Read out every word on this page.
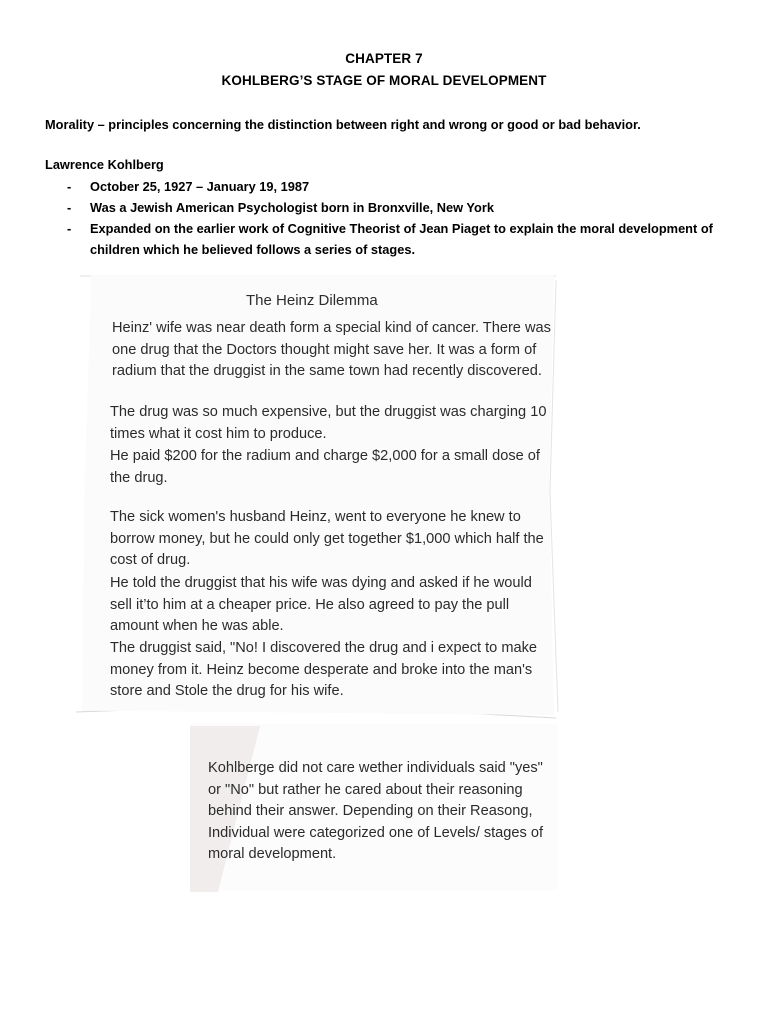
CHAPTER 7
KOHLBERG’S STAGE OF MORAL DEVELOPMENT
Morality – principles concerning the distinction between right and wrong or good or bad behavior.
Lawrence Kohlberg
- October 25, 1927 – January 19, 1987
- Was a Jewish American Psychologist born in Bronxville, New York
- Expanded on the earlier work of Cognitive Theorist of Jean Piaget to explain the moral development of children which he believed follows a series of stages.
The Heinz Dilemma
Heinz' wife was near death form a special kind of cancer. There was one drug that the Doctors thought might save her. It was a form of radium that the druggist in the same town had recently discovered.
The drug was so much expensive, but the druggist was charging 10 times what it cost him to produce.
He paid $200 for the radium and charge $2,000 for a small dose of the drug.
The sick women's husband Heinz, went to everyone he knew to borrow money, but he could only get together $1,000 which half the cost of drug.
He told the druggist that his wife was dying and asked if he would sell it’to him at a cheaper price. He also agreed to pay the pull amount when he was able.
The druggist said, "No! I discovered the drug and i expect to make money from it. Heinz become desperate and broke into the man's store and Stole the drug for his wife.
Kohlberge did not care wether individuals said "yes" or "No" but rather he cared about their reasoning behind their answer. Depending on their Reasong, Individual were categorized one of Levels/ stages of moral development.
